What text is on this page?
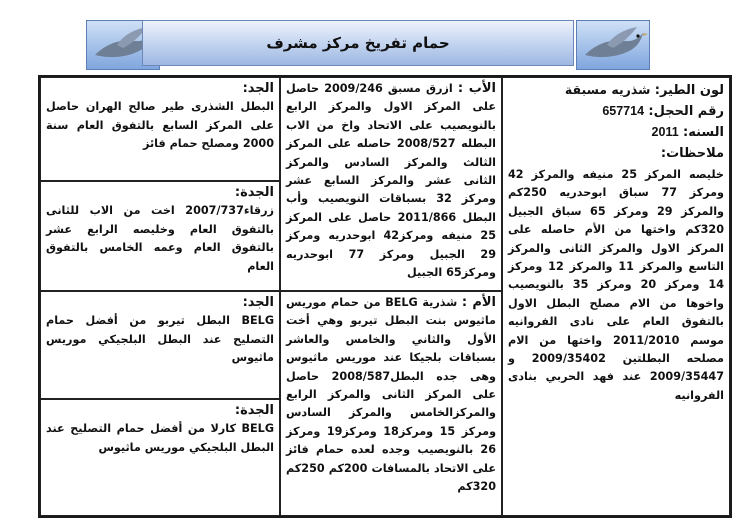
حمام تفريخ مركز مشرف
لون الطير: شذريه مسبقة
رقم الحجل: 657714
السنه: 2011
ملاحظات:
خليصه المركز 25 منيفه والمركز 42 ومركز 77 سباق ابوحدريه 250كم والمركز 29 ومركز 65 سباق الجبيل 320كم واختها من الأم حاصله على المركز الاول والمركز الثانى والمركز التاسع والمركز 11 والمركز 12 ومركز 14 ومركز 20 ومركز 35 بالنويصيب واخوها من الام مصلح البطل الاول بالتفوق العام على نادى الفروانيه موسم 2011/2010 واختها من الام مصلحه البطلتين 2009/35402 و 2009/35447 عند فهد الحربي بنادى الفروانيه
الأب : ازرق مسبق 2009/246 حاصل على المركز الاول والمركز الرابع بالنويصيب على الاتحاد واخ من الاب البطله 2008/527 حاصله على المركز الثالث والمركز السادس والمركز الثانى عشر والمركز السابع عشر ومركز 32 بسباقات النويصيب وأب البطل 2011/866 حاصل على المركز 25 منيفه ومركز42 ابوحدريه ومركز 29 الجبيل ومركز 77 ابوحدريه ومركز65 الجبيل
الأم : شذرية BELG من حمام موريس ماثيوس بنت البطل تيربو وهي أخت الأول والثاني والخامس والعاشر بسباقات بلجيكا عند موريس ماثيوس وهى جده البطل2008/587 حاصل على المركز الثانى والمركز الرابع والمركزالخامس والمركز السادس ومركز 15 ومركز18 ومركز19 ومركز 26 بالنويصيب وجده لعده حمام فائز على الاتحاد بالمسافات 200كم 250كم 320كم
الجد:
البطل الشذرى طير صالح الهران حاصل على المركز السابع بالتفوق العام سنة 2000 ومصلح حمام فائز
الجدة:
زرقاء2007/737 اخت من الاب للثانى بالتفوق العام وخليصه الرابع عشر بالتفوق العام وعمه الخامس بالتفوق العام
الجد:
BELG البطل تيربو من أفضل حمام التصليح عند البطل البلجيكي موريس ماثيوس
الجدة:
BELG كارلا من أفضل حمام التصليح عند البطل البلجيكي موريس ماثيوس
